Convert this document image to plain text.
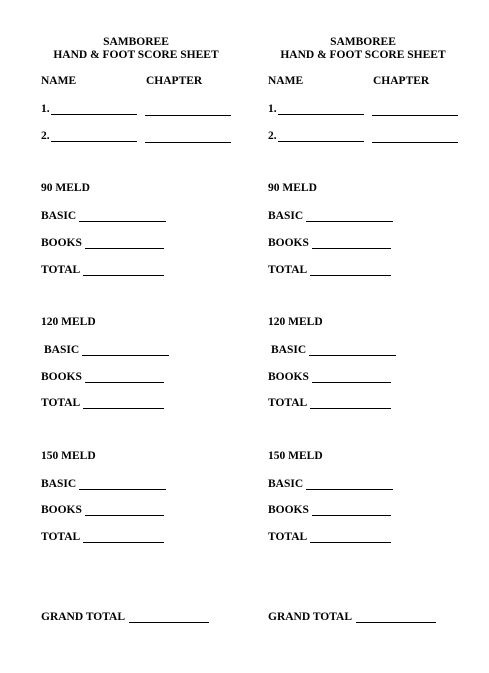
SAMBOREE
HAND & FOOT SCORE SHEET
NAME	CHAPTER
1.
2.
90 MELD
BASIC
BOOKS
TOTAL
120 MELD
BASIC
BOOKS
TOTAL
150 MELD
BASIC
BOOKS
TOTAL
GRAND TOTAL
SAMBOREE
HAND & FOOT SCORE SHEET
NAME	CHAPTER
1.
2.
90 MELD
BASIC
BOOKS
TOTAL
120 MELD
BASIC
BOOKS
TOTAL
150 MELD
BASIC
BOOKS
TOTAL
GRAND TOTAL
